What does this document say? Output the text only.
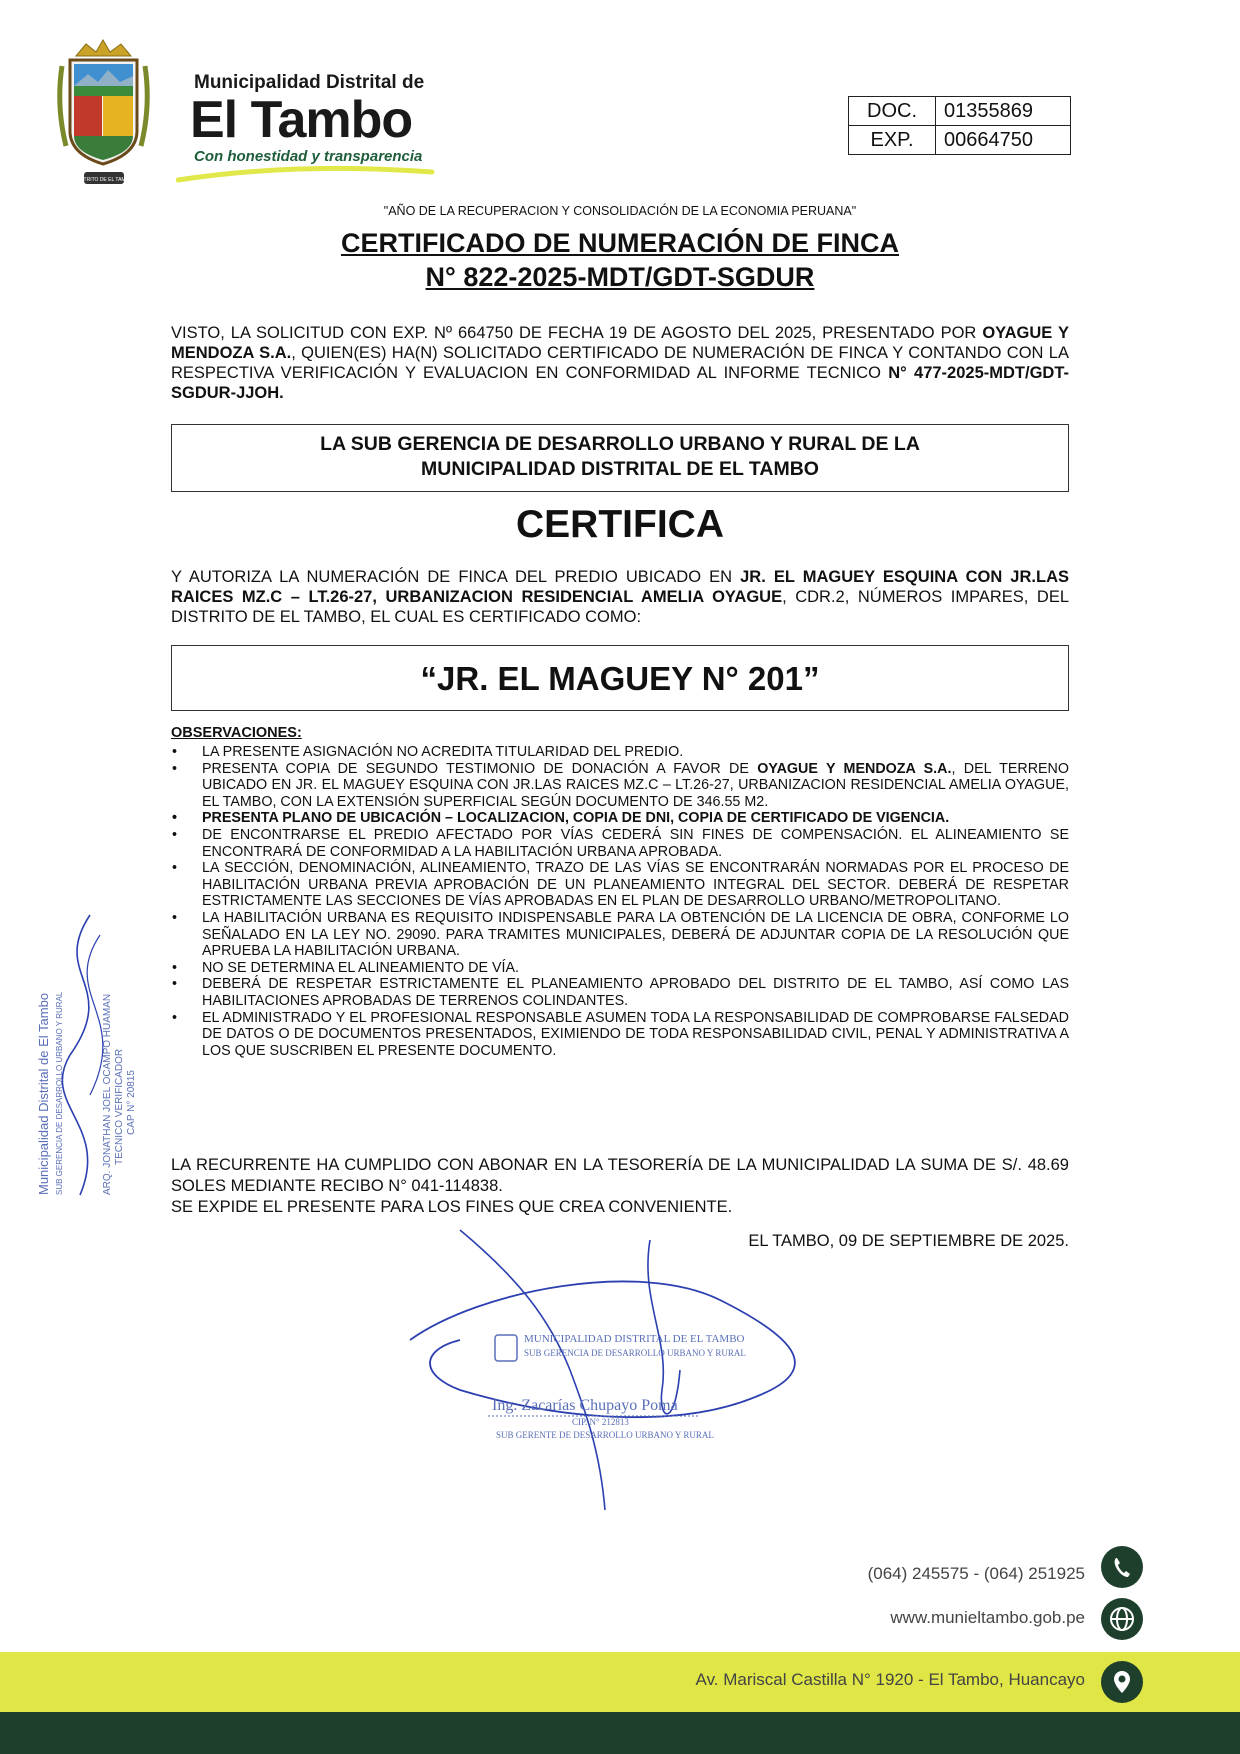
DISTRITO DE EL TAMBO
Municipalidad Distrital de
El Tambo
Con honestidad y transparencia
DOC.	01355869
EXP.	00664750
"AÑO DE LA RECUPERACION Y CONSOLIDACIÓN DE LA ECONOMIA PERUANA"
CERTIFICADO DE NUMERACIÓN DE FINCA
N° 822-2025-MDT/GDT-SGDUR
VISTO, LA SOLICITUD CON EXP. Nº 664750 DE FECHA 19 DE AGOSTO DEL 2025, PRESENTADO POR OYAGUE Y MENDOZA S.A., QUIEN(ES) HA(N) SOLICITADO CERTIFICADO DE NUMERACIÓN DE FINCA Y CONTANDO CON LA RESPECTIVA VERIFICACIÓN Y EVALUACION EN CONFORMIDAD AL INFORME TECNICO N° 477-2025-MDT/GDT-SGDUR-JJOH.
LA SUB GERENCIA DE DESARROLLO URBANO Y RURAL DE LA
MUNICIPALIDAD DISTRITAL DE EL TAMBO
CERTIFICA
Y AUTORIZA LA NUMERACIÓN DE FINCA DEL PREDIO UBICADO EN JR. EL MAGUEY ESQUINA CON JR.LAS RAICES MZ.C – LT.26-27, URBANIZACION RESIDENCIAL AMELIA OYAGUE, CDR.2, NÚMEROS IMPARES, DEL DISTRITO DE EL TAMBO, EL CUAL ES CERTIFICADO COMO:
“JR. EL MAGUEY N° 201”
OBSERVACIONES:
• LA PRESENTE ASIGNACIÓN NO ACREDITA TITULARIDAD DEL PREDIO.
• PRESENTA COPIA DE SEGUNDO TESTIMONIO DE DONACIÓN A FAVOR DE OYAGUE Y MENDOZA S.A., DEL TERRENO UBICADO EN JR. EL MAGUEY ESQUINA CON JR.LAS RAICES MZ.C – LT.26-27, URBANIZACION RESIDENCIAL AMELIA OYAGUE, EL TAMBO, CON LA EXTENSIÓN SUPERFICIAL SEGÚN DOCUMENTO DE 346.55 M2.
• PRESENTA PLANO DE UBICACIÓN – LOCALIZACION, COPIA DE DNI, COPIA DE CERTIFICADO DE VIGENCIA.
• DE ENCONTRARSE EL PREDIO AFECTADO POR VÍAS CEDERÁ SIN FINES DE COMPENSACIÓN. EL ALINEAMIENTO SE ENCONTRARÁ DE CONFORMIDAD A LA HABILITACIÓN URBANA APROBADA.
• LA SECCIÓN, DENOMINACIÓN, ALINEAMIENTO, TRAZO DE LAS VÍAS SE ENCONTRARÁN NORMADAS POR EL PROCESO DE HABILITACIÓN URBANA PREVIA APROBACIÓN DE UN PLANEAMIENTO INTEGRAL DEL SECTOR. DEBERÁ DE RESPETAR ESTRICTAMENTE LAS SECCIONES DE VÍAS APROBADAS EN EL PLAN DE DESARROLLO URBANO/METROPOLITANO.
• LA HABILITACIÓN URBANA ES REQUISITO INDISPENSABLE PARA LA OBTENCIÓN DE LA LICENCIA DE OBRA, CONFORME LO SEÑALADO EN LA LEY NO. 29090. PARA TRAMITES MUNICIPALES, DEBERÁ DE ADJUNTAR COPIA DE LA RESOLUCIÓN QUE APRUEBA LA HABILITACIÓN URBANA.
• NO SE DETERMINA EL ALINEAMIENTO DE VÍA.
• DEBERÁ DE RESPETAR ESTRICTAMENTE EL PLANEAMIENTO APROBADO DEL DISTRITO DE EL TAMBO, ASÍ COMO LAS HABILITACIONES APROBADAS DE TERRENOS COLINDANTES.
• EL ADMINISTRADO Y EL PROFESIONAL RESPONSABLE ASUMEN TODA LA RESPONSABILIDAD DE COMPROBARSE FALSEDAD DE DATOS O DE DOCUMENTOS PRESENTADOS, EXIMIENDO DE TODA RESPONSABILIDAD CIVIL, PENAL Y ADMINISTRATIVA A LOS QUE SUSCRIBEN EL PRESENTE DOCUMENTO.
LA RECURRENTE HA CUMPLIDO CON ABONAR EN LA TESORERÍA DE LA MUNICIPALIDAD LA SUMA DE S/. 48.69 SOLES MEDIANTE RECIBO N° 041-114838.
SE EXPIDE EL PRESENTE PARA LOS FINES QUE CREA CONVENIENTE.
EL TAMBO, 09 DE SEPTIEMBRE DE 2025.
Municipalidad Distrital de El Tambo SUB GERENCIA DE DESARROLLO URBANO Y RURAL	ARQ. JONATHAN JOEL OCAMPO HUAMAN TECNICO VERIFICADOR CAP N° 20815
MUNICIPALIDAD DISTRITAL DE EL TAMBO
SUB GERENCIA DE DESARROLLO URBANO Y RURAL
Ing. Zacarías Chupayo Poma
CIP. N° 212813
SUB GERENTE DE DESARROLLO URBANO Y RURAL
(064) 245575 - (064) 251925
www.munieltambo.gob.pe
Av. Mariscal Castilla N° 1920 - El Tambo, Huancayo
